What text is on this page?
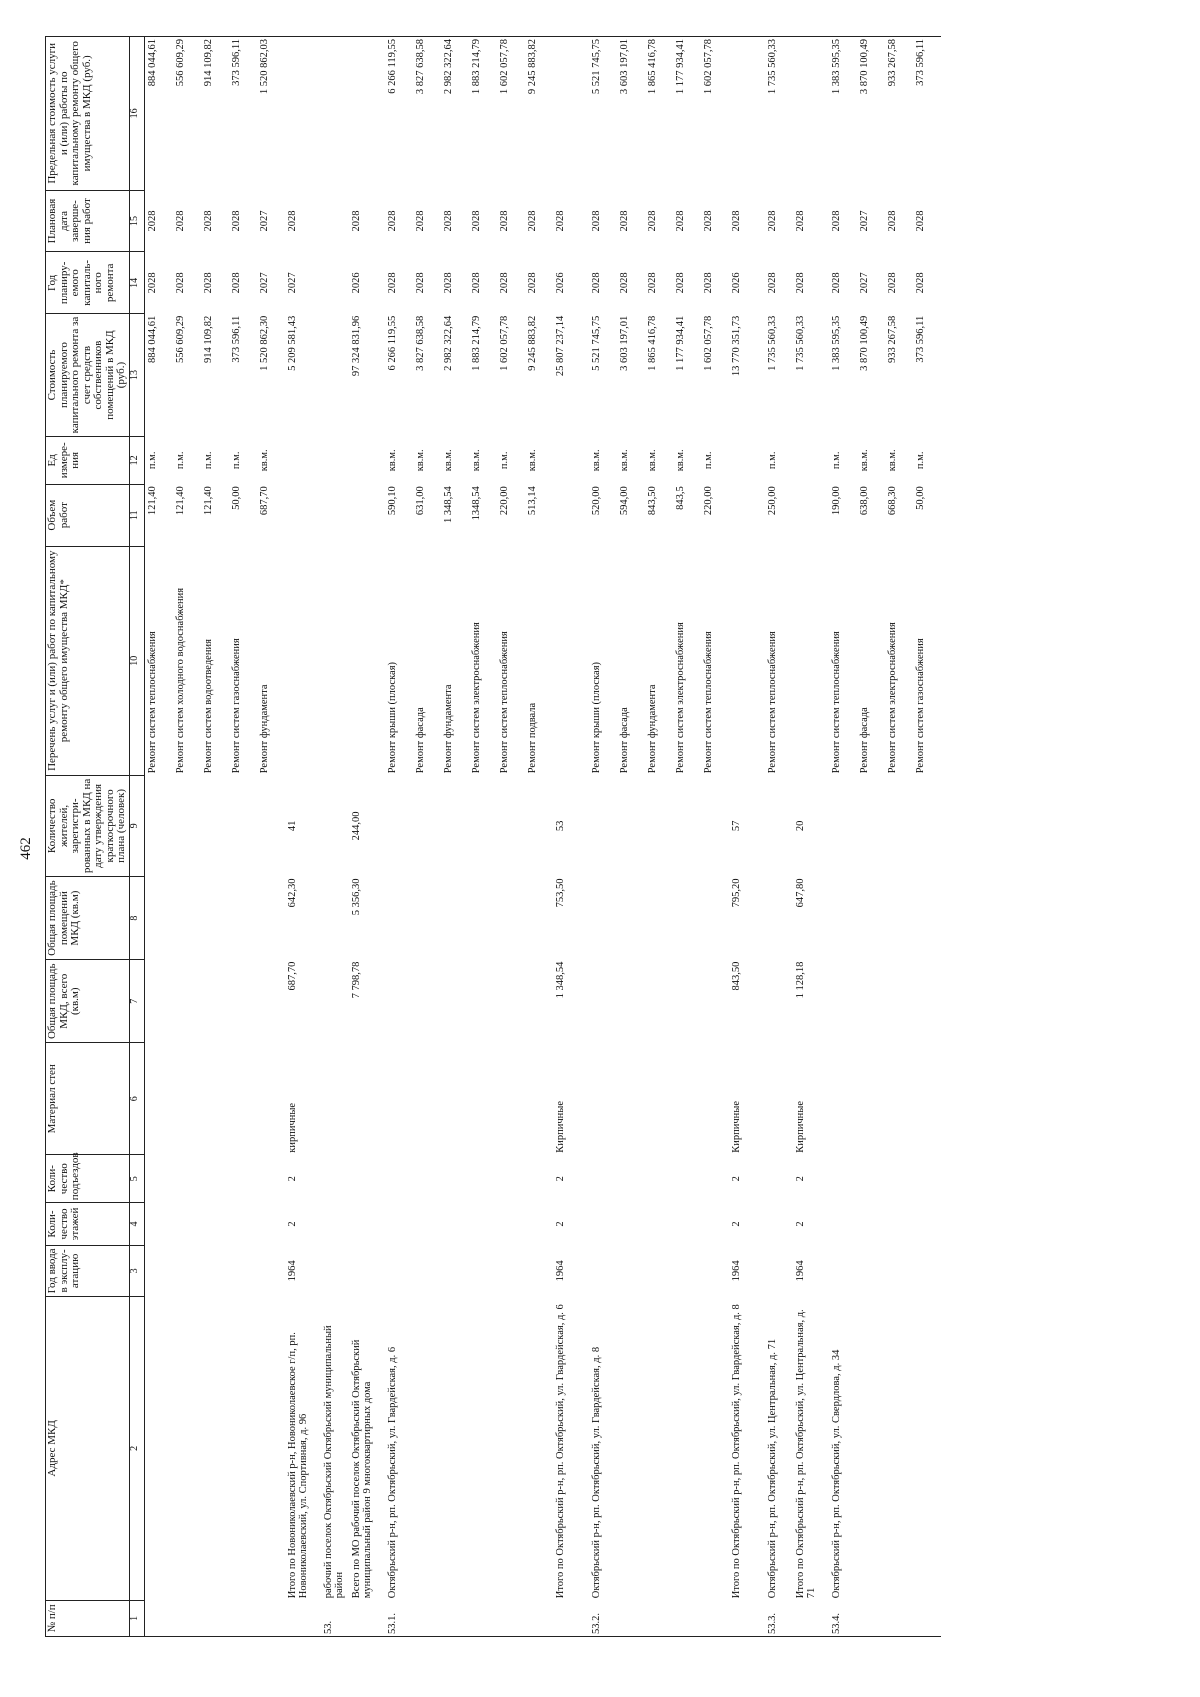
462
№ п/п	Адрес МКД	Год ввода в эксплу-атацию	Коли-чество этажей	Коли-чество подъездов	Материал стен	Общая площадь МКД, всего (кв.м)	Общая площадь помещений МКД (кв.м)	Количество жителей, зарегистри-рованных в МКД на дату утверждения краткосрочного плана (человек)	Перечень услуг и (или) работ по капитальному ремонту общего имущества МКД*	Объем работ	Ед измере-ния	Стоимость планируемого капитального ремонта за счет средств собственников помещений в МКД (руб.)	Год планиру-емого капиталь-ного ремонта	Плановая дата заверше-ния работ	Предельная стоимость услуги и (или) работы по капитальному ремонту общего имущества в МКД (руб.)
1	2	3	4	5	6	7	8	9	10	11	12	13	14	15	16
									Ремонт систем теплоснабжения	121,40	п.м.	884 044,61	2028	2028	884 044,61
									Ремонт систем холодного водоснабжения	121,40	п.м.	556 609,29	2028	2028	556 609,29
									Ремонт систем водоотведения	121,40	п.м.	914 109,82	2028	2028	914 109,82
									Ремонт систем газоснабжения	50,00	п.м.	373 596,11	2028	2028	373 596,11
									Ремонт фундамента	687,70	кв.м.	1 520 862,30	2027	2027	1 520 862,03
	Итого по Новониколаевский р-н, Новониколаевское г/п, рп. Новониколаевский, ул. Спортивная, д. 96	1964	2	2	кирпичные	687,70	642,30	41				5 209 581,43	2027	2028	
53.	рабочий поселок Октябрьский Октябрьский муниципальный район														
	Всего по МО рабочий поселок Октябрьский Октябрьский муниципальный район 9 многоквартирных дома					7 798,78	5 356,30	244,00				97 324 831,96	2026	2028	
53.1.	Октябрьский р-н, рп. Октябрьский, ул. Гвардейская, д. 6								Ремонт крыши (плоская)	590,10	кв.м.	6 266 119,55	2028	2028	6 266 119,55
									Ремонт фасада	631,00	кв.м.	3 827 638,58	2028	2028	3 827 638,58
									Ремонт фундамента	1 348,54	кв.м.	2 982 322,64	2028	2028	2 982 322,64
									Ремонт систем электроснабжения	1348,54	кв.м.	1 883 214,79	2028	2028	1 883 214,79
									Ремонт систем теплоснабжения	220,00	п.м.	1 602 057,78	2028	2028	1 602 057,78
									Ремонт подвала	513,14	кв.м.	9 245 883,82	2028	2028	9 245 883,82
	Итого по Октябрьский р-н, рп. Октябрьский, ул. Гвардейская, д. 6	1964	2	2	Кирпичные	1 348,54	753,50	53				25 807 237,14	2026	2028	
53.2.	Октябрьский р-н, рп. Октябрьский, ул. Гвардейская, д. 8								Ремонт крыши (плоская)	520,00	кв.м.	5 521 745,75	2028	2028	5 521 745,75
									Ремонт фасада	594,00	кв.м.	3 603 197,01	2028	2028	3 603 197,01
									Ремонт фундамента	843,50	кв.м.	1 865 416,78	2028	2028	1 865 416,78
									Ремонт систем электроснабжения	843,5	кв.м.	1 177 934,41	2028	2028	1 177 934,41
									Ремонт систем теплоснабжения	220,00	п.м.	1 602 057,78	2028	2028	1 602 057,78
	Итого по Октябрьский р-н, рп. Октябрьский, ул. Гвардейская, д. 8	1964	2	2	Кирпичные	843,50	795,20	57				13 770 351,73	2026	2028	
53.3.	Октябрьский р-н, рп. Октябрьский, ул. Центральная, д. 71								Ремонт систем теплоснабжения	250,00	п.м.	1 735 560,33	2028	2028	1 735 560,33
	Итого по Октябрьский р-н, рп. Октябрьский, ул. Центральная, д. 71	1964	2	2	Кирпичные	1 128,18	647,80	20				1 735 560,33	2028	2028	
53.4.	Октябрьский р-н, рп. Октябрьский, ул. Свердлова, д. 34								Ремонт систем теплоснабжения	190,00	п.м.	1 383 595,35	2028	2028	1 383 595,35
									Ремонт фасада	638,00	кв.м.	3 870 100,49	2027	2027	3 870 100,49
									Ремонт систем электроснабжения	668,30	кв.м.	933 267,58	2028	2028	933 267,58
									Ремонт систем газоснабжения	50,00	п.м.	373 596,11	2028	2028	373 596,11
